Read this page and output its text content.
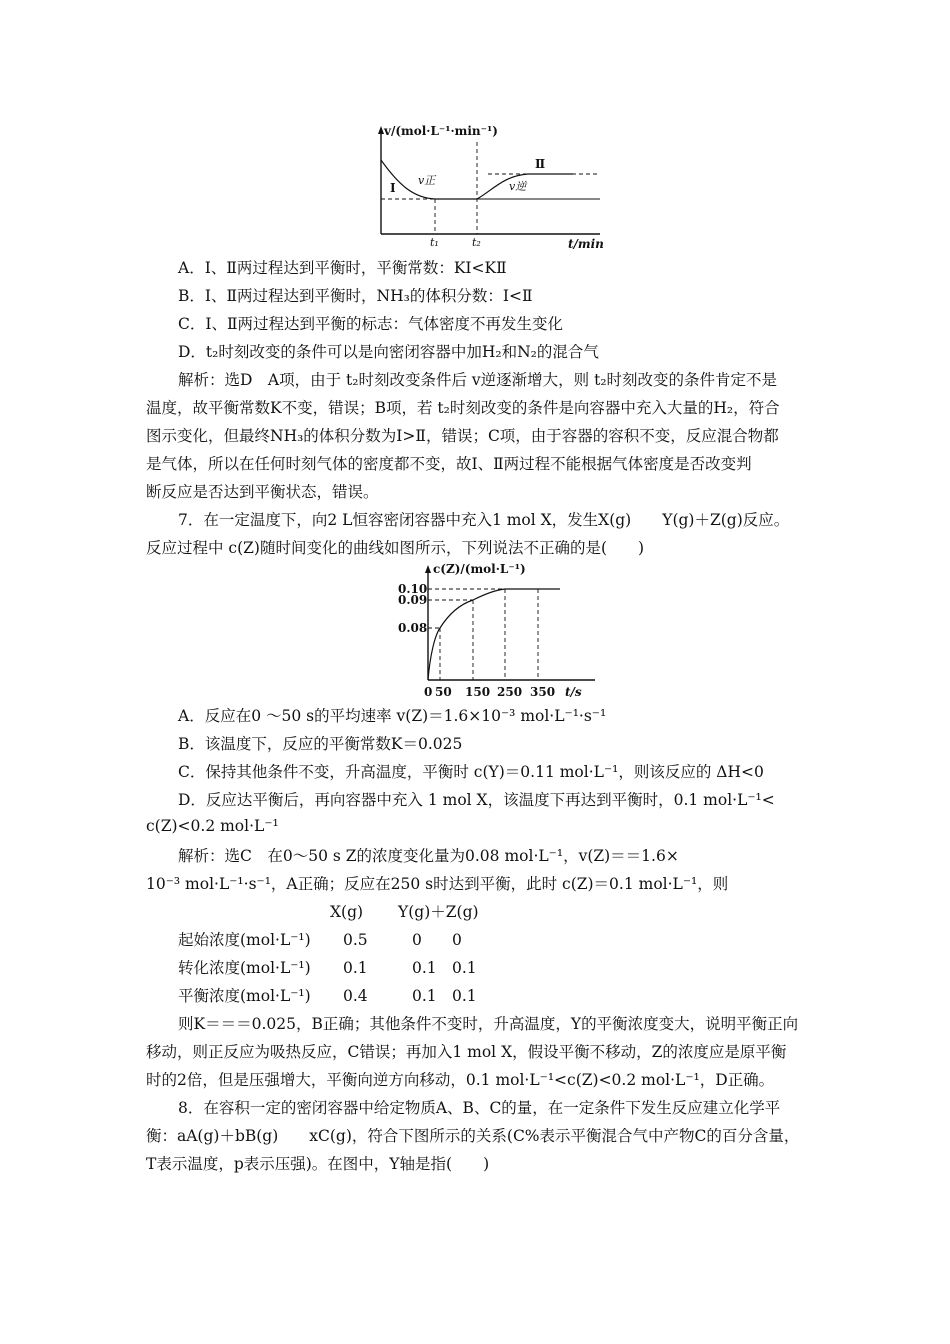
v/(mol·L⁻¹·min⁻¹)
Ⅰ
Ⅱ
v正	v逆
t₁	t₂	t/min
A．Ⅰ、Ⅱ两过程达到平衡时，平衡常数：KⅠ<KⅡ
B．Ⅰ、Ⅱ两过程达到平衡时，NH₃的体积分数：Ⅰ<Ⅱ
C．Ⅰ、Ⅱ两过程达到平衡的标志：气体密度不再发生变化
D．t₂时刻改变的条件可以是向密闭容器中加H₂和N₂的混合气
解析：选D　A项，由于 t₂时刻改变条件后 v逆逐渐增大，则 t₂时刻改变的条件肯定不是
温度，故平衡常数K不变，错误；B项，若 t₂时刻改变的条件是向容器中充入大量的H₂，符合
图示变化，但最终NH₃的体积分数为Ⅰ>Ⅱ，错误；C项，由于容器的容积不变，反应混合物都
是气体，所以在任何时刻气体的密度都不变，故Ⅰ、Ⅱ两过程不能根据气体密度是否改变判
断反应是否达到平衡状态，错误。
7．在一定温度下，向2 L恒容密闭容器中充入1 mol X，发生X(g)　　Y(g)＋Z(g)反应。
反应过程中 c(Z)随时间变化的曲线如图所示，下列说法不正确的是(　　)
c(Z)/(mol·L⁻¹)
0.10
0.09
0.08
0 50 150 250 350 t/s
A．反应在0 ～50 s的平均速率 v(Z)＝1.6×10⁻³ mol·L⁻¹·s⁻¹
B．该温度下，反应的平衡常数K＝0.025
C．保持其他条件不变，升高温度，平衡时 c(Y)＝0.11 mol·L⁻¹，则该反应的 ΔH<0
D．反应达平衡后，再向容器中充入 1 mol X，该温度下再达到平衡时，0.1 mol·L⁻¹<
c(Z)<0.2 mol·L⁻¹
解析：选C　在0～50 s Z的浓度变化量为0.08 mol·L⁻¹，v(Z)＝＝1.6×
10⁻³ mol·L⁻¹·s⁻¹，A正确；反应在250 s时达到平衡，此时 c(Z)＝0.1 mol·L⁻¹，则
X(g) Y(g)＋Z(g)
起始浓度(mol·L⁻¹) 0.5	0 0
转化浓度(mol·L⁻¹) 0.1	0.1 0.1
平衡浓度(mol·L⁻¹) 0.4	0.1 0.1
则K＝＝＝0.025，B正确；其他条件不变时，升高温度，Y的平衡浓度变大，说明平衡正向
移动，则正反应为吸热反应，C错误；再加入1 mol X，假设平衡不移动，Z的浓度应是原平衡
时的2倍，但是压强增大，平衡向逆方向移动，0.1 mol·L⁻¹<c(Z)<0.2 mol·L⁻¹，D正确。
8．在容积一定的密闭容器中给定物质A、B、C的量，在一定条件下发生反应建立化学平
衡：aA(g)＋bB(g)　　xC(g)，符合下图所示的关系(C%表示平衡混合气中产物C的百分含量，
T表示温度，p表示压强)。在图中，Y轴是指(　　)
